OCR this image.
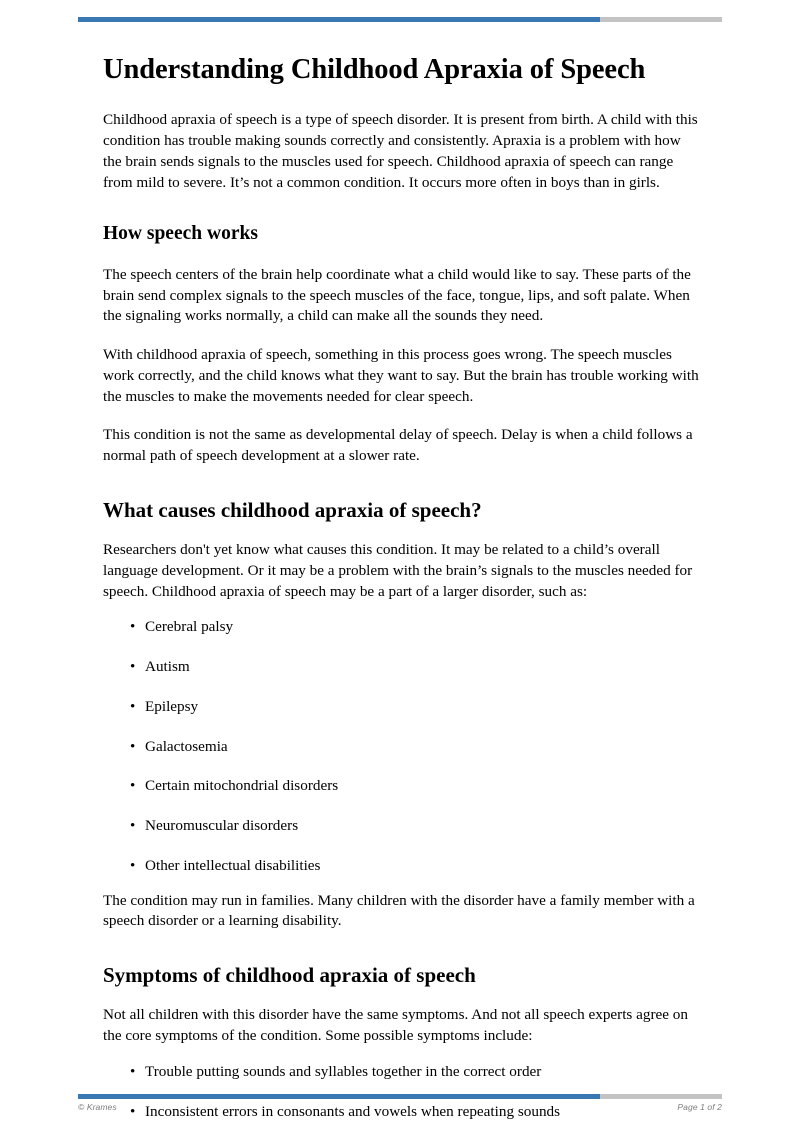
Understanding Childhood Apraxia of Speech

Childhood apraxia of speech is a type of speech disorder. It is present from birth. A child with this condition has trouble making sounds correctly and consistently. Apraxia is a problem with how the brain sends signals to the muscles used for speech. Childhood apraxia of speech can range from mild to severe. It’s not a common condition. It occurs more often in boys than in girls.

How speech works

The speech centers of the brain help coordinate what a child would like to say. These parts of the brain send complex signals to the speech muscles of the face, tongue, lips, and soft palate. When the signaling works normally, a child can make all the sounds they need.

With childhood apraxia of speech, something in this process goes wrong. The speech muscles work correctly, and the child knows what they want to say. But the brain has trouble working with the muscles to make the movements needed for clear speech.

This condition is not the same as developmental delay of speech. Delay is when a child follows a normal path of speech development at a slower rate.

What causes childhood apraxia of speech?

Researchers don't yet know what causes this condition. It may be related to a child’s overall language development. Or it may be a problem with the brain’s signals to the muscles needed for speech. Childhood apraxia of speech may be a part of a larger disorder, such as:

• Cerebral palsy
• Autism
• Epilepsy
• Galactosemia
• Certain mitochondrial disorders
• Neuromuscular disorders
• Other intellectual disabilities

The condition may run in families. Many children with the disorder have a family member with a speech disorder or a learning disability.

Symptoms of childhood apraxia of speech

Not all children with this disorder have the same symptoms. And not all speech experts agree on the core symptoms of the condition. Some possible symptoms include:

• Trouble putting sounds and syllables together in the correct order
• Inconsistent errors in consonants and vowels when repeating sounds
© Krames	Page 1 of 2
